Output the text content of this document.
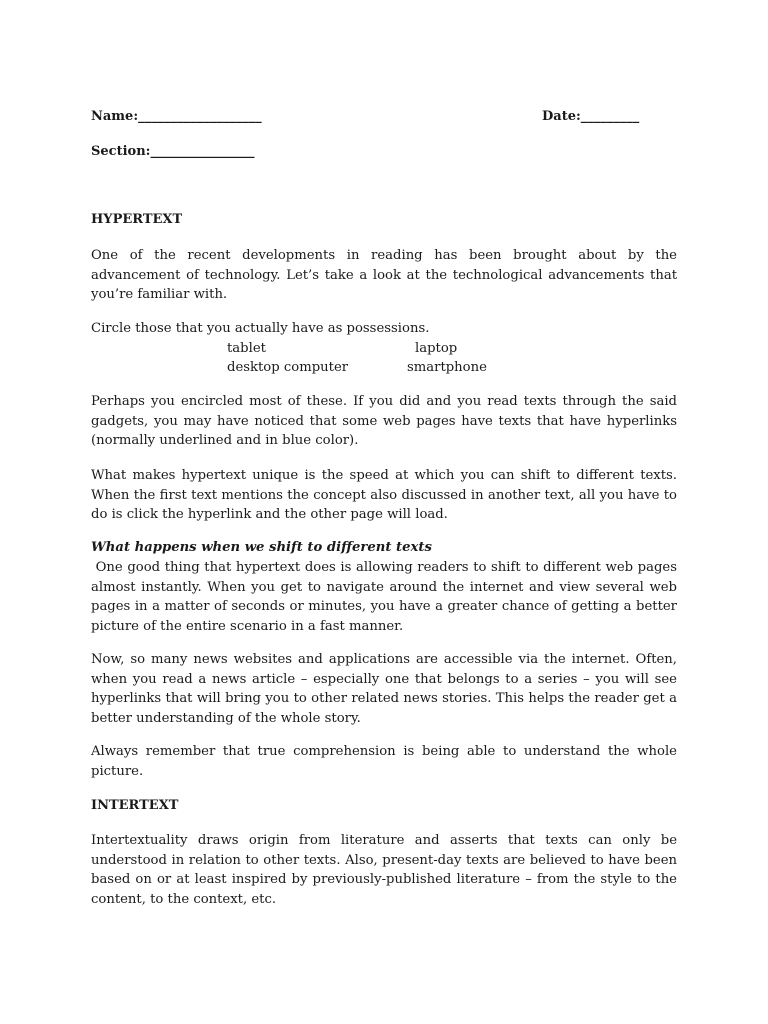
Name:___________________	Date:_________
Section:________________
HYPERTEXT

One of the recent developments in reading has been brought about by the advancement of technology. Let’s take a look at the technological advancements that you’re familiar with.

Circle those that you actually have as possessions.

tablet	laptop
desktop computer	smartphone

Perhaps you encircled most of these. If you did and you read texts through the said gadgets, you may have noticed that some web pages have texts that have hyperlinks (normally underlined and in blue color).

What makes hypertext unique is the speed at which you can shift to different texts. When the first text mentions the concept also discussed in another text, all you have to do is click the hyperlink and the other page will load.

What happens when we shift to different texts

One good thing that hypertext does is allowing readers to shift to different web pages almost instantly. When you get to navigate around the internet and view several web pages in a matter of seconds or minutes, you have a greater chance of getting a better picture of the entire scenario in a fast manner.

Now, so many news websites and applications are accessible via the internet. Often, when you read a news article – especially one that belongs to a series – you will see hyperlinks that will bring you to other related news stories. This helps the reader get a better understanding of the whole story.

Always remember that true comprehension is being able to understand the whole picture.

INTERTEXT

Intertextuality draws origin from literature and asserts that texts can only be understood in relation to other texts. Also, present-day texts are believed to have been based on or at least inspired by previously-published literature – from the style to the content, to the context, etc.
